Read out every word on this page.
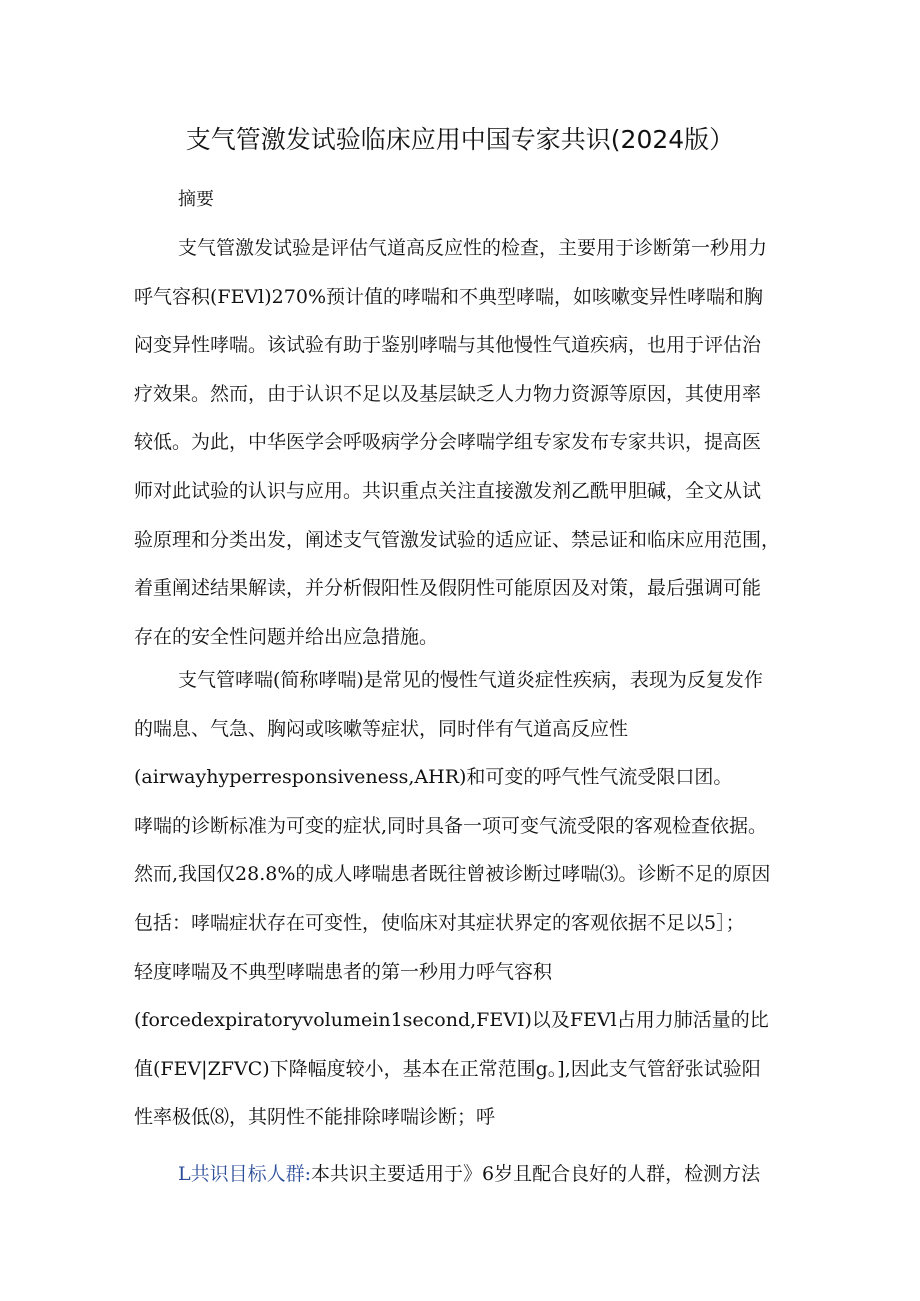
支气管激发试验临床应用中国专家共识(2024版）
摘要
支气管激发试验是评估气道高反应性的检查，主要用于诊断第一秒用力
呼气容积(FEVl)270%预计值的哮喘和不典型哮喘，如咳嗽变异性哮喘和胸
闷变异性哮喘。该试验有助于鉴别哮喘与其他慢性气道疾病，也用于评估治
疗效果。然而，由于认识不足以及基层缺乏人力物力资源等原因，其使用率
较低。为此，中华医学会呼吸病学分会哮喘学组专家发布专家共识，提高医
师对此试验的认识与应用。共识重点关注直接激发剂乙酰甲胆碱，全文从试
验原理和分类出发，阐述支气管激发试验的适应证、禁忌证和临床应用范围，
着重阐述结果解读，并分析假阳性及假阴性可能原因及对策，最后强调可能
存在的安全性问题并给出应急措施。
支气管哮喘(简称哮喘)是常见的慢性气道炎症性疾病，表现为反复发作
的喘息、气急、胸闷或咳嗽等症状，同时伴有气道高反应性
(airwayhyperresponsiveness,AHR)和可变的呼气性气流受限口团。
哮喘的诊断标准为可变的症状,同时具备一项可变气流受限的客观检查依据。
然而,我国仅28.8%的成人哮喘患者既往曾被诊断过哮喘⑶。诊断不足的原因
包括：哮喘症状存在可变性，使临床对其症状界定的客观依据不足以5］；
轻度哮喘及不典型哮喘患者的第一秒用力呼气容积
(forcedexpiratoryvolumein1second,FEVI)以及FEVl占用力肺活量的比
值(FEV|ZFVC)下降幅度较小，基本在正常范围g。],因此支气管舒张试验阳
性率极低⑻，其阴性不能排除哮喘诊断；呼
L共识目标人群:本共识主要适用于》6岁且配合良好的人群，检测方法
